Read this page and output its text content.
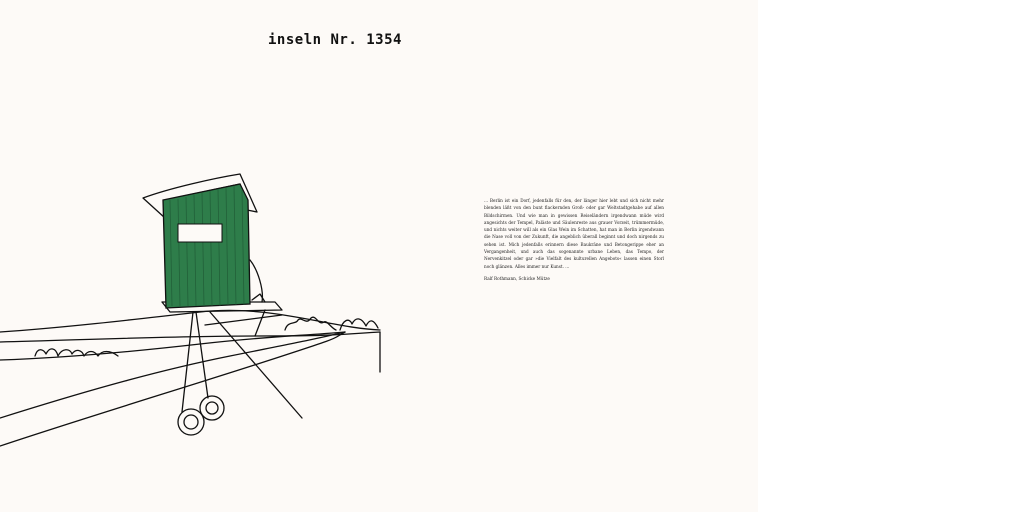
inseln Nr. 1354
... Berlin ist ein Dorf, jedenfalls für den, der länger hier lebt und sich nicht mehr blenden läßt von den bunt flackernden Groß- oder gar Weltstadtgehabe auf allen Bildschirmen. Und wie man in gewissen Reiseländern irgendwann müde wird angesichts der Tempel, Paläste und Säulenreste aus grauer Vorzeit, trümmermüde, und nichts weiter will als ein Glas Wein im Schatten, hat man in Berlin irgendwann die Nase voll von der Zukunft, die angeblich überall beginnt und doch nirgends zu sehen ist. Mich jedenfalls erinnern diese Baukräne und Betongerippe eher an Vergangenheit, und auch das sogenannte urbane Leben, das Tempo, der Nervenkitzel oder gar »die Vielfalt des kulturellen Angebots« lassen einen Storl noch glänzen. Alles immer nur Kunst. ...
Ralf Rothmann, Schicke Mütze
